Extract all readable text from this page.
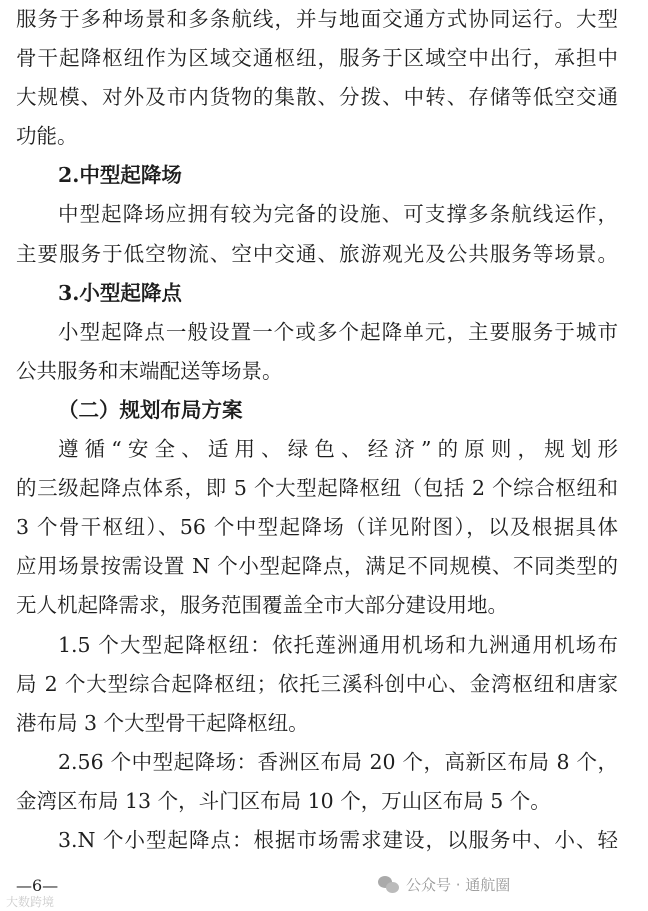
服务于多种场景和多条航线，并与地面交通方式协同运行。大型
骨干起降枢纽作为区域交通枢纽，服务于区域空中出行，承担中
大规模、对外及市内货物的集散、分拨、中转、存储等低空交通
功能。
2.中型起降场
中型起降场应拥有较为完备的设施、可支撑多条航线运作，
主要服务于低空物流、空中交通、旅游观光及公共服务等场景。
3.小型起降点
小型起降点一般设置一个或多个起降单元，主要服务于城市
公共服务和末端配送等场景。
（二）规划布局方案
遵循“安全、适用、绿色、经济”的原则，规划形
的三级起降点体系，即 5 个大型起降枢纽（包括 2 个综合枢纽和
3 个骨干枢纽）、56 个中型起降场（详见附图），以及根据具体
应用场景按需设置 N 个小型起降点，满足不同规模、不同类型的
无人机起降需求，服务范围覆盖全市大部分建设用地。
1.5 个大型起降枢纽：依托莲洲通用机场和九洲通用机场布
局 2 个大型综合起降枢纽；依托三溪科创中心、金湾枢纽和唐家
港布局 3 个大型骨干起降枢纽。
2.56 个中型起降场：香洲区布局 20 个，高新区布局 8 个，
金湾区布局 13 个，斗门区布局 10 个，万山区布局 5 个。
3.N 个小型起降点：根据市场需求建设，以服务中、小、轻
—6—
大数跨境
公众号 · 通航圈
